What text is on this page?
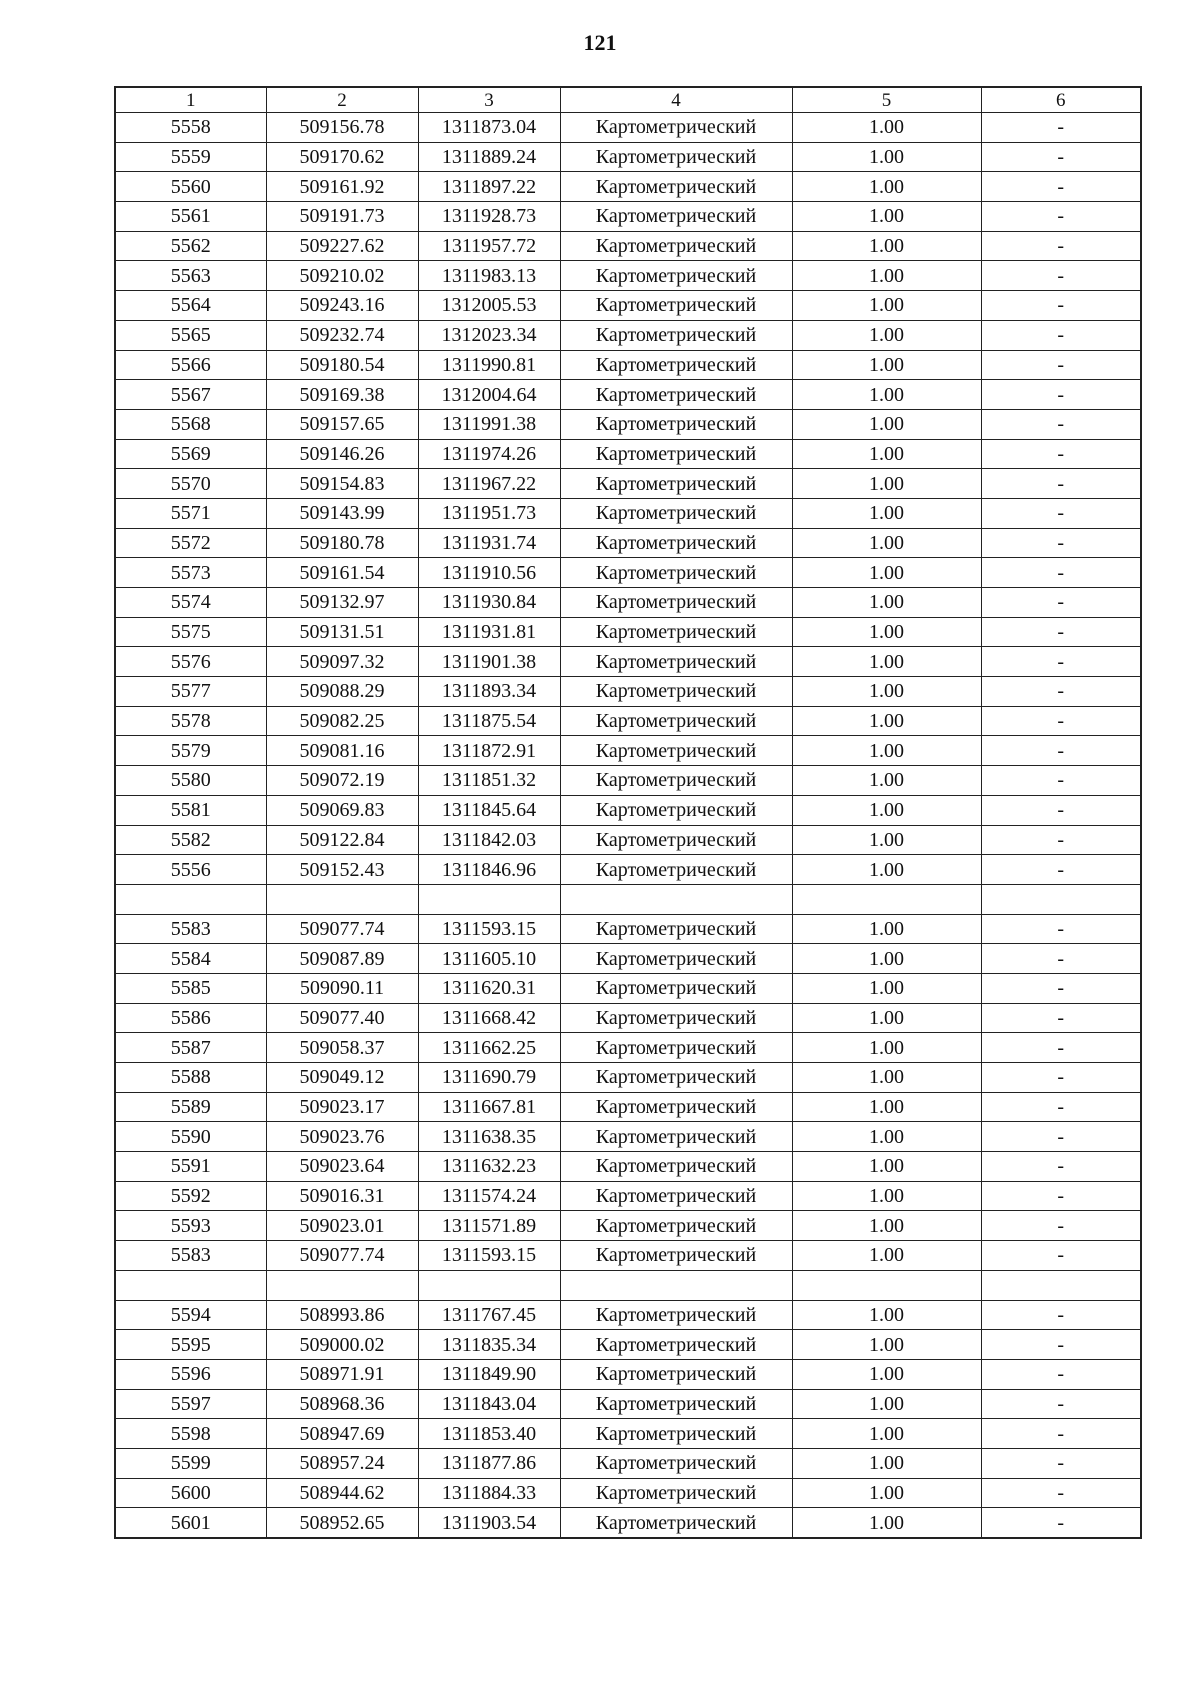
121
1	2	3	4	5	6
5558	509156.78	1311873.04	Картометрический	1.00	-
5559	509170.62	1311889.24	Картометрический	1.00	-
5560	509161.92	1311897.22	Картометрический	1.00	-
5561	509191.73	1311928.73	Картометрический	1.00	-
5562	509227.62	1311957.72	Картометрический	1.00	-
5563	509210.02	1311983.13	Картометрический	1.00	-
5564	509243.16	1312005.53	Картометрический	1.00	-
5565	509232.74	1312023.34	Картометрический	1.00	-
5566	509180.54	1311990.81	Картометрический	1.00	-
5567	509169.38	1312004.64	Картометрический	1.00	-
5568	509157.65	1311991.38	Картометрический	1.00	-
5569	509146.26	1311974.26	Картометрический	1.00	-
5570	509154.83	1311967.22	Картометрический	1.00	-
5571	509143.99	1311951.73	Картометрический	1.00	-
5572	509180.78	1311931.74	Картометрический	1.00	-
5573	509161.54	1311910.56	Картометрический	1.00	-
5574	509132.97	1311930.84	Картометрический	1.00	-
5575	509131.51	1311931.81	Картометрический	1.00	-
5576	509097.32	1311901.38	Картометрический	1.00	-
5577	509088.29	1311893.34	Картометрический	1.00	-
5578	509082.25	1311875.54	Картометрический	1.00	-
5579	509081.16	1311872.91	Картометрический	1.00	-
5580	509072.19	1311851.32	Картометрический	1.00	-
5581	509069.83	1311845.64	Картометрический	1.00	-
5582	509122.84	1311842.03	Картометрический	1.00	-
5556	509152.43	1311846.96	Картометрический	1.00	-

5583	509077.74	1311593.15	Картометрический	1.00	-
5584	509087.89	1311605.10	Картометрический	1.00	-
5585	509090.11	1311620.31	Картометрический	1.00	-
5586	509077.40	1311668.42	Картометрический	1.00	-
5587	509058.37	1311662.25	Картометрический	1.00	-
5588	509049.12	1311690.79	Картометрический	1.00	-
5589	509023.17	1311667.81	Картометрический	1.00	-
5590	509023.76	1311638.35	Картометрический	1.00	-
5591	509023.64	1311632.23	Картометрический	1.00	-
5592	509016.31	1311574.24	Картометрический	1.00	-
5593	509023.01	1311571.89	Картометрический	1.00	-
5583	509077.74	1311593.15	Картометрический	1.00	-

5594	508993.86	1311767.45	Картометрический	1.00	-
5595	509000.02	1311835.34	Картометрический	1.00	-
5596	508971.91	1311849.90	Картометрический	1.00	-
5597	508968.36	1311843.04	Картометрический	1.00	-
5598	508947.69	1311853.40	Картометрический	1.00	-
5599	508957.24	1311877.86	Картометрический	1.00	-
5600	508944.62	1311884.33	Картометрический	1.00	-
5601	508952.65	1311903.54	Картометрический	1.00	-
